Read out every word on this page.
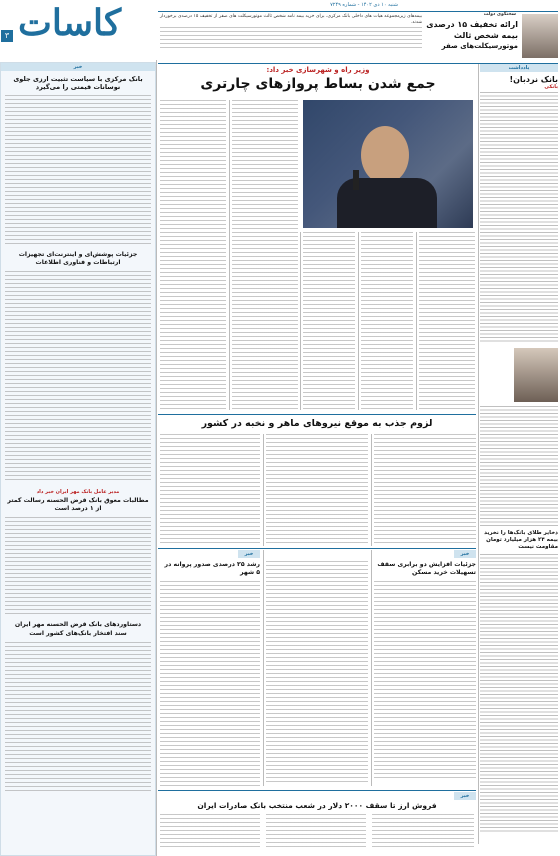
کاسات
۳
شنبه ۱۰ دی ۱۴۰۲ - شماره ۷۲۴۹
بیمه‌های زیرمجموعه هیات های داخلی بانک مرکزی، برای خرید بیمه نامه شخص ثالث موتورسیکلت های صفر از تخفیف ۱۵ درصدی برخوردار شدند.
سخنگوی دولت
ارائه تخفیف ۱۵ درصدی
بیمه شخص ثالث
موتورسیکلت‌های صفر
وزیر راه و شهرسازی خبر داد:
جمع شدن بساط پروازهای چارتری
یادداشت
بانک نردبان!
بانکی
ذخایر طلای بانک‌ها را نخرید بیمه ۲۴ هزار میلیارد تومان مقاومت نیست
لزوم جذب به موقع نیروهای ماهر و نخبه در کشور
خبر
جزئیات افزایش دو برابری سقف تسهیلات خرید مسکن
خبر
رشد ۲۵ درصدی صدور پروانه در ۵ شهر
خبر
فروش ارز تا سقف ۲۰۰۰ دلار در شعب منتخب بانک صادرات ایران
خبر
بانک مرکزی با سیاست تثبیت ارزی جلوی نوسانات قیمتی را می‌گیرد
جزئیات پوشش‌ای و اینترنت‌ای تجهیزات ارتباطات و فناوری اطلاعات
مدیر عامل بانک مهر ایران خبر داد
مطالبات معوق بانک قرض الحسنه رسالت کمتر از ۱ درصد است
دستاوردهای بانک قرض الحسنه مهر ایران
سند افتخار بانک‌های کشور است
